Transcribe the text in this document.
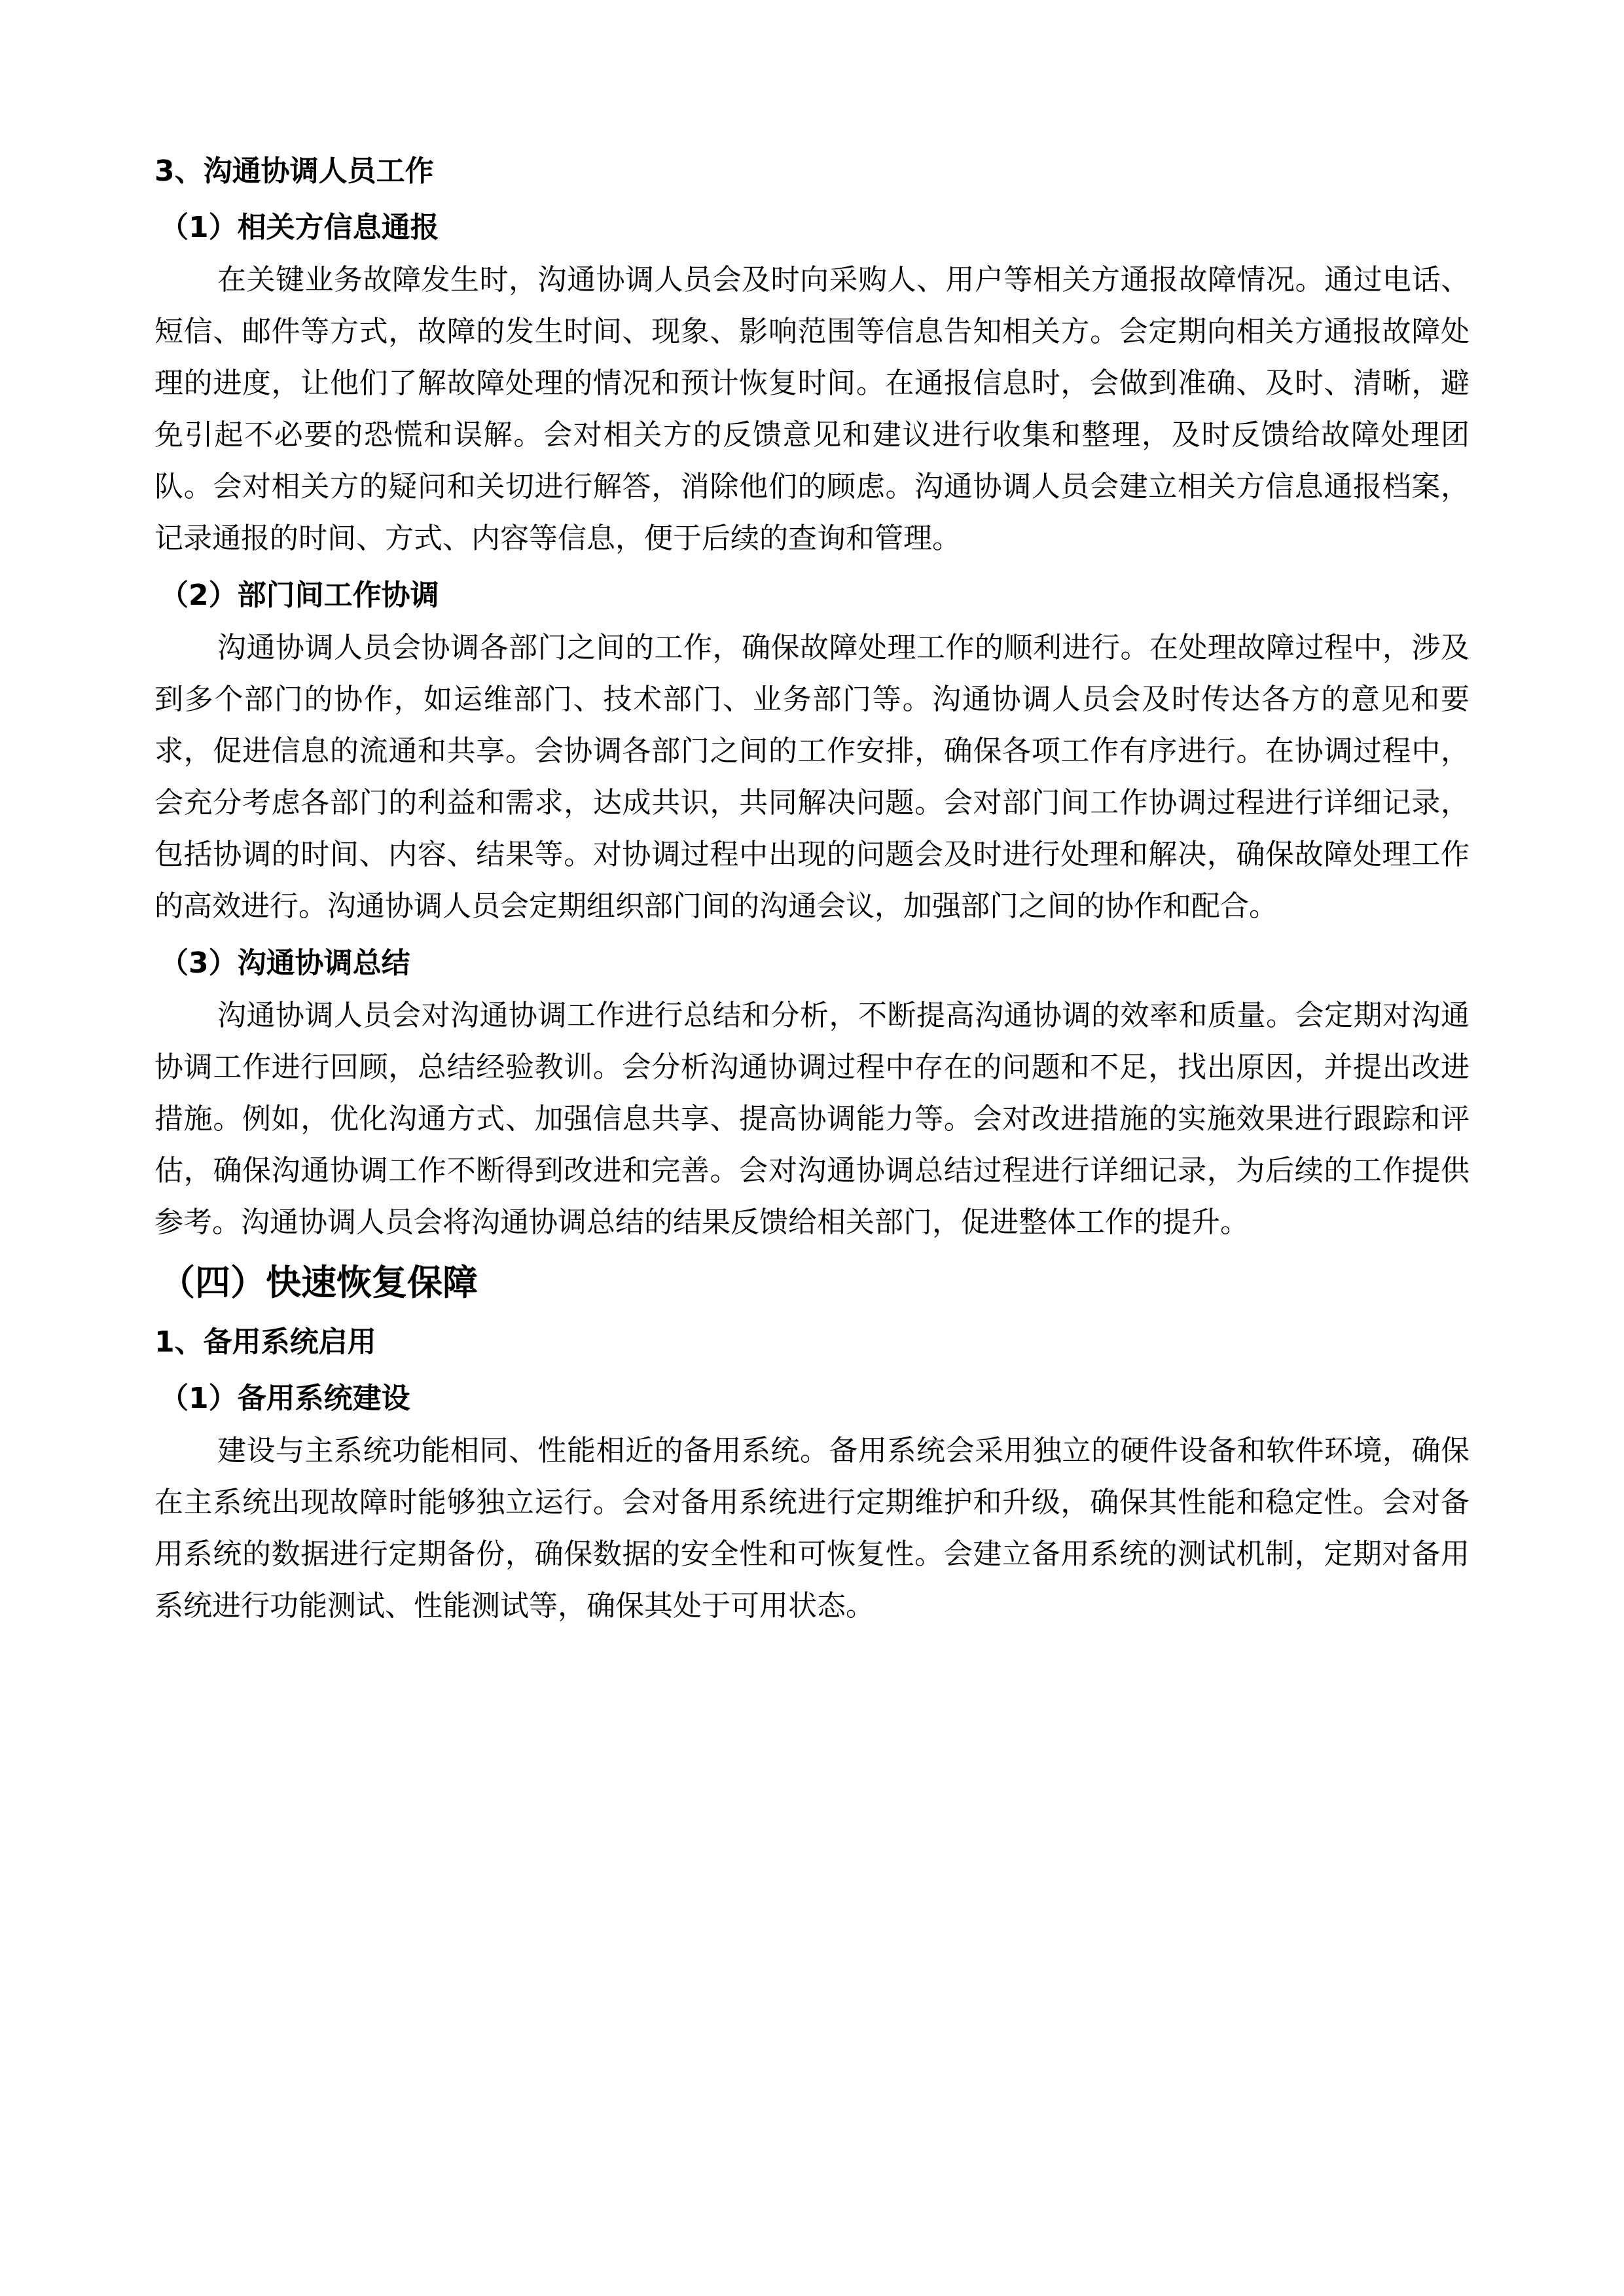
3、沟通协调人员工作
（1）相关方信息通报

在关键业务故障发生时，沟通协调人员会及时向采购人、用户等相关方通报故障情况。通过电话、短信、邮件等方式，故障的发生时间、现象、影响范围等信息告知相关方。会定期向相关方通报故障处理的进度，让他们了解故障处理的情况和预计恢复时间。在通报信息时，会做到准确、及时、清晰，避免引起不必要的恐慌和误解。会对相关方的反馈意见和建议进行收集和整理，及时反馈给故障处理团队。会对相关方的疑问和关切进行解答，消除他们的顾虑。沟通协调人员会建立相关方信息通报档案，记录通报的时间、方式、内容等信息，便于后续的查询和管理。

（2）部门间工作协调

沟通协调人员会协调各部门之间的工作，确保故障处理工作的顺利进行。在处理故障过程中，涉及到多个部门的协作，如运维部门、技术部门、业务部门等。沟通协调人员会及时传达各方的意见和要求，促进信息的流通和共享。会协调各部门之间的工作安排，确保各项工作有序进行。在协调过程中，会充分考虑各部门的利益和需求，达成共识，共同解决问题。会对部门间工作协调过程进行详细记录，包括协调的时间、内容、结果等。对协调过程中出现的问题会及时进行处理和解决，确保故障处理工作的高效进行。沟通协调人员会定期组织部门间的沟通会议，加强部门之间的协作和配合。

（3）沟通协调总结

沟通协调人员会对沟通协调工作进行总结和分析，不断提高沟通协调的效率和质量。会定期对沟通协调工作进行回顾，总结经验教训。会分析沟通协调过程中存在的问题和不足，找出原因，并提出改进措施。例如，优化沟通方式、加强信息共享、提高协调能力等。会对改进措施的实施效果进行跟踪和评估，确保沟通协调工作不断得到改进和完善。会对沟通协调总结过程进行详细记录，为后续的工作提供参考。沟通协调人员会将沟通协调总结的结果反馈给相关部门，促进整体工作的提升。

（四）快速恢复保障
1、备用系统启用
（1）备用系统建设

建设与主系统功能相同、性能相近的备用系统。备用系统会采用独立的硬件设备和软件环境，确保在主系统出现故障时能够独立运行。会对备用系统进行定期维护和升级，确保其性能和稳定性。会对备用系统的数据进行定期备份，确保数据的安全性和可恢复性。会建立备用系统的测试机制，定期对备用系统进行功能测试、性能测试等，确保其处于可用状态。
